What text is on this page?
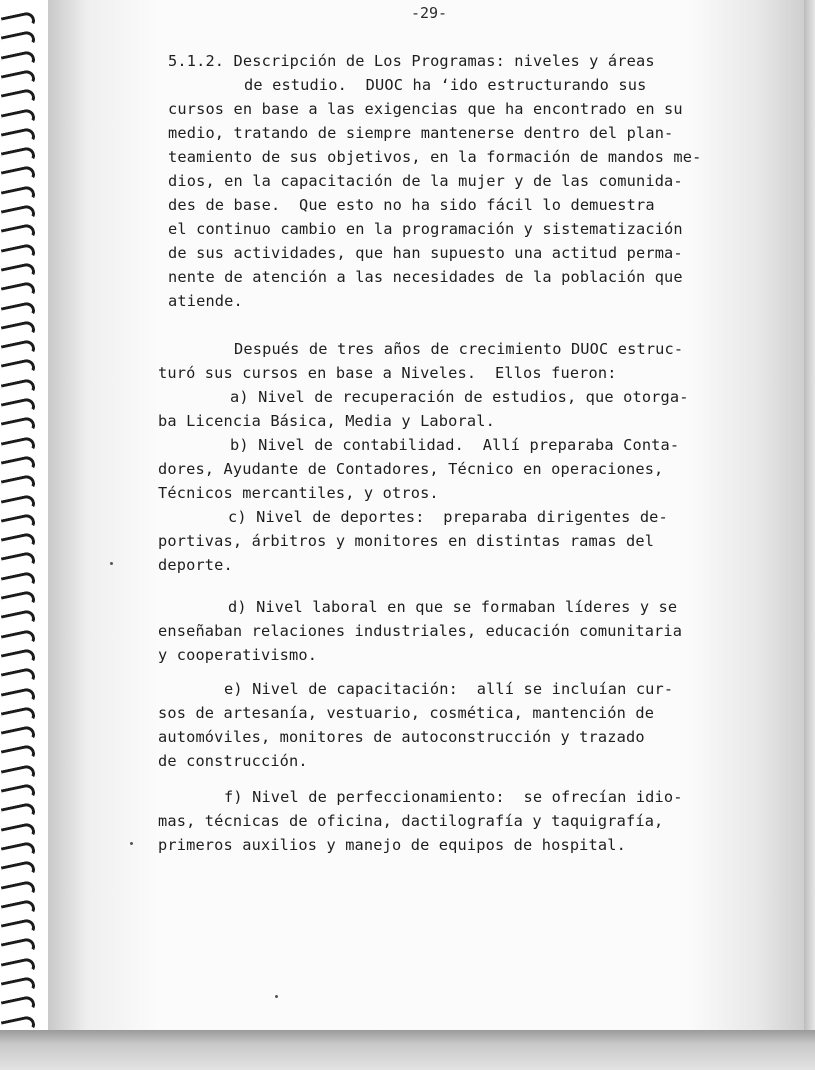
-29-
5.1.2. Descripción de Los Programas: niveles y áreas
de estudio.  DUOC ha ʻido estructurando sus
cursos en base a las exigencias que ha encontrado en su
medio, tratando de siempre mantenerse dentro del plan-
teamiento de sus objetivos, en la formación de mandos me-
dios, en la capacitación de la mujer y de las comunida-
des de base.  Que esto no ha sido fácil lo demuestra
el continuo cambio en la programación y sistematización
de sus actividades, que han supuesto una actitud perma-
nente de atención a las necesidades de la población que
atiende.
Después de tres años de crecimiento DUOC estruc-
turó sus cursos en base a Niveles.  Ellos fueron:
a) Nivel de recuperación de estudios, que otorga-
ba Licencia Básica, Media y Laboral.
b) Nivel de contabilidad.  Allí preparaba Conta-
dores, Ayudante de Contadores, Técnico en operaciones,
Técnicos mercantiles, y otros.
c) Nivel de deportes:  preparaba dirigentes de-
portivas, árbitros y monitores en distintas ramas del
deporte.
d) Nivel laboral en que se formaban líderes y se
enseñaban relaciones industriales, educación comunitaria
y cooperativismo.
e) Nivel de capacitación:  allí se incluían cur-
sos de artesanía, vestuario, cosmética, mantención de
automóviles, monitores de autoconstrucción y trazado
de construcción.
f) Nivel de perfeccionamiento:  se ofrecían idio-
mas, técnicas de oficina, dactilografía y taquigrafía,
primeros auxilios y manejo de equipos de hospital.
